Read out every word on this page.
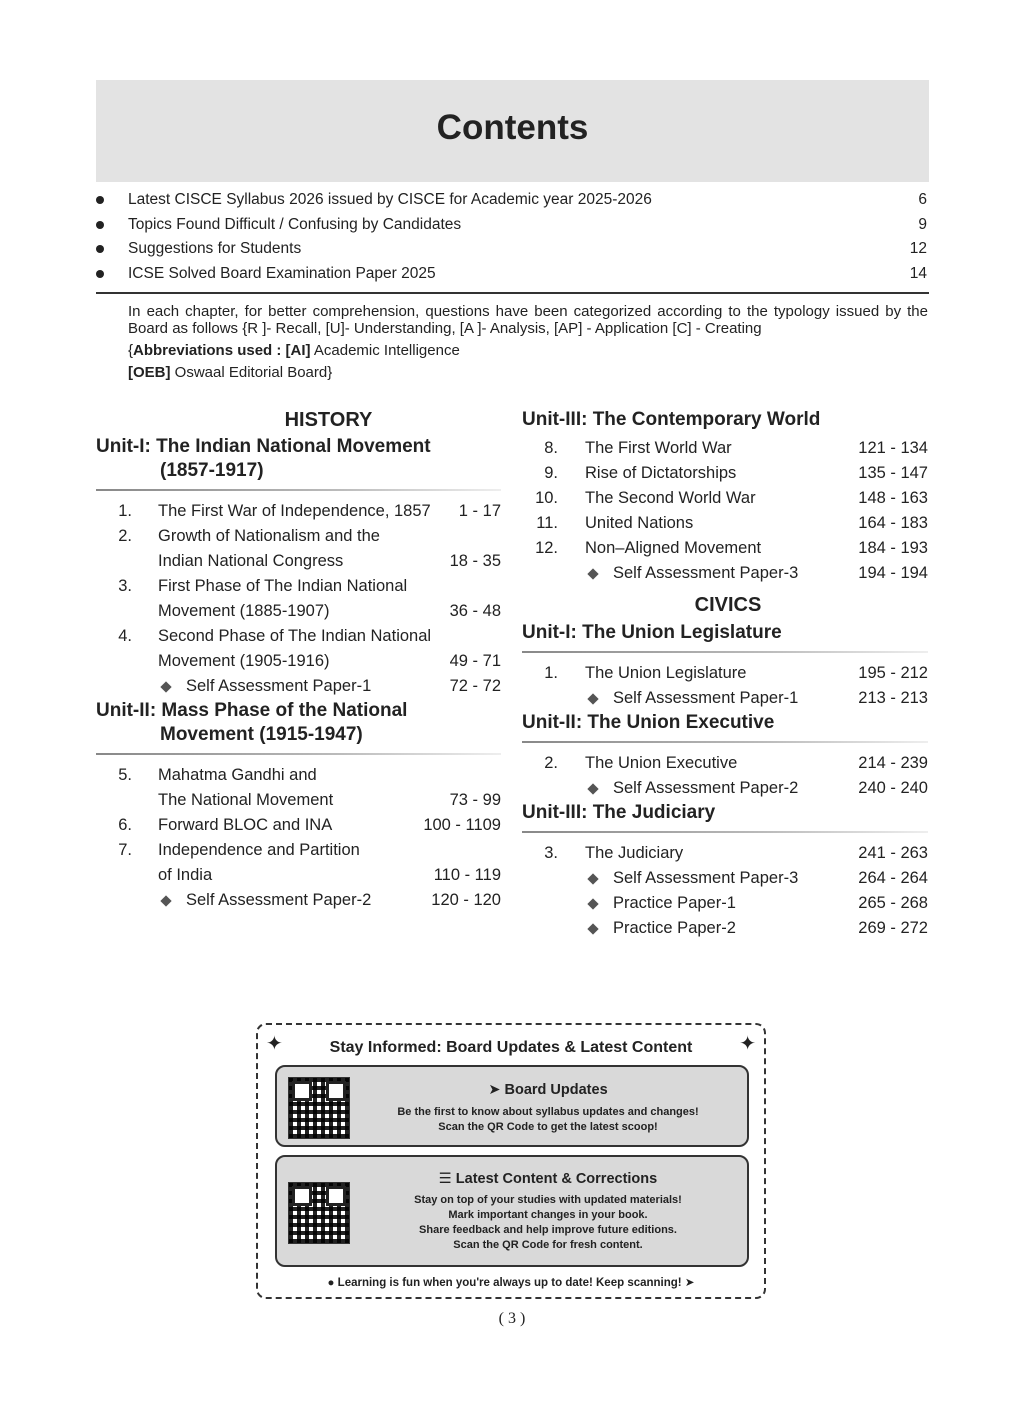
Contents
Latest CISCE Syllabus 2026 issued by CISCE for Academic year 2025-2026	6
Topics Found Difficult / Confusing by Candidates	9
Suggestions for Students	12
ICSE Solved Board Examination Paper 2025	14
In each chapter, for better comprehension, questions have been categorized according to the typology issued by the Board as follows {R ]- Recall, [U]- Understanding, [A ]- Analysis, [AP] - Application [C] - Creating
{Abbreviations used : [AI] Academic Intelligence
[OEB] Oswaal Editorial Board}
HISTORY
Unit-I: The Indian National Movement
(1857-1917)
1. The First War of Independence, 1857 1 - 17
2. Growth of Nationalism and the
Indian National Congress	18 - 35
3. First Phase of The Indian National
Movement (1885-1907)	36 - 48
4. Second Phase of The Indian National
Movement (1905-1916)	49 - 71
Self Assessment Paper-1	72 - 72
Unit-II: Mass Phase of the National
Movement (1915-1947)
5. Mahatma Gandhi and
The National Movement	73 - 99
6. Forward BLOC and INA	100 - 1109
7. Independence and Partition
of India	110 - 119
Self Assessment Paper-2	120 - 120
Unit-III: The Contemporary World
8. The First World War	121 - 134
9. Rise of Dictatorships	135 - 147
10. The Second World War	148 - 163
11. United Nations	164 - 183
12. Non–Aligned Movement	184 - 193
Self Assessment Paper-3	194 - 194
CIVICS
Unit-I: The Union Legislature
1. The Union Legislature	195 - 212
Self Assessment Paper-1	213 - 213
Unit-II: The Union Executive
2. The Union Executive	214 - 239
Self Assessment Paper-2	240 - 240
Unit-III: The Judiciary
3. The Judiciary	241 - 263
Self Assessment Paper-3	264 - 264
Practice Paper-1	265 - 268
Practice Paper-2	269 - 272
✦	✦
Stay Informed: Board Updates & Latest Content
➤ Board Updates
Be the first to know about syllabus updates and changes!
Scan the QR Code to get the latest scoop!
☰ Latest Content & Corrections
Stay on top of your studies with updated materials!
Mark important changes in your book.
Share feedback and help improve future editions.
Scan the QR Code for fresh content.
● Learning is fun when you're always up to date! Keep scanning! ➤
( 3 )
